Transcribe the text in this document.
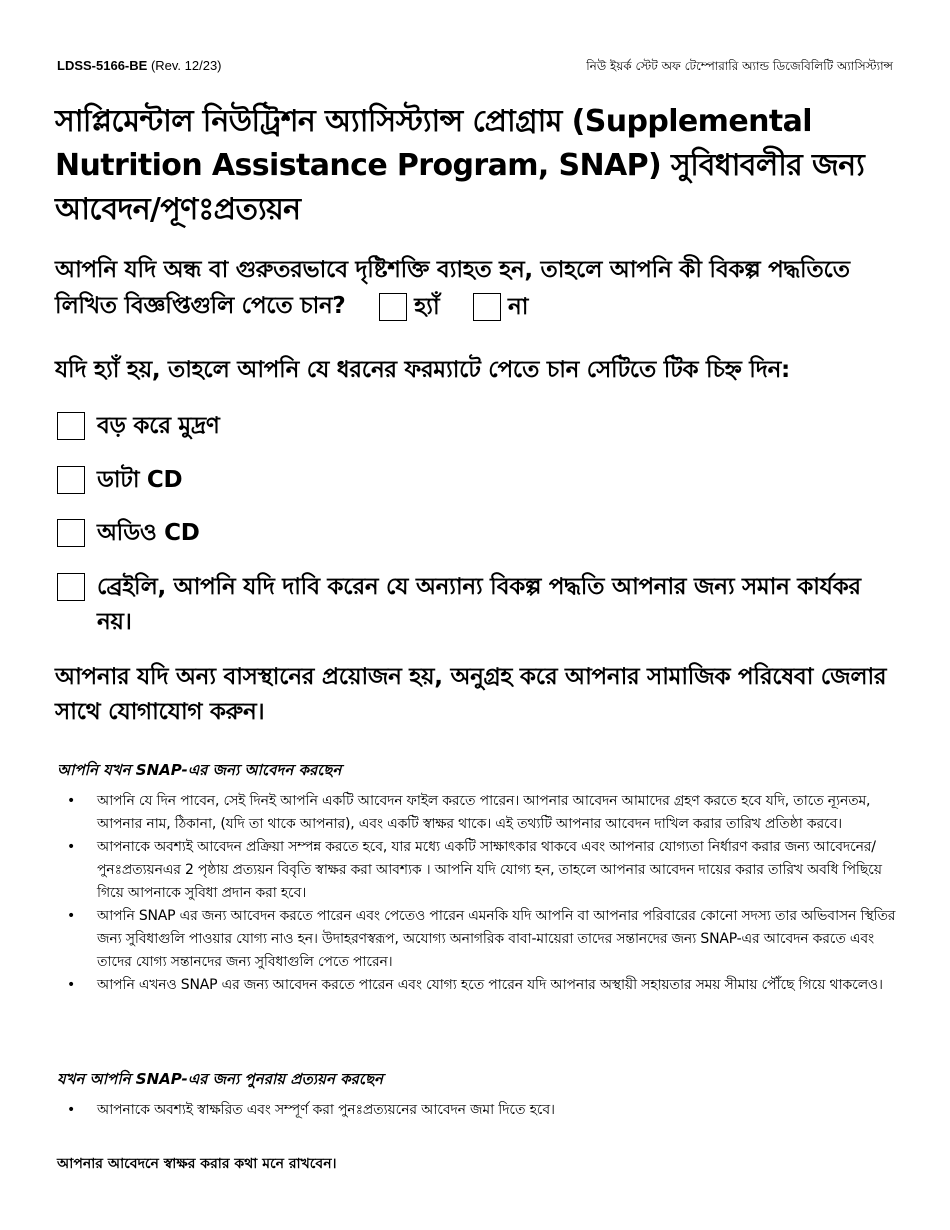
LDSS-5166-BE (Rev. 12/23)	নিউ ইয়র্ক স্টেট অফ টেম্পোরারি অ্যান্ড ডিজেবিলিটি অ্যাসিস্ট্যান্স
সাপ্লিমেন্টাল নিউট্রিশন অ্যাসিস্ট্যান্স প্রোগ্রাম (Supplemental Nutrition Assistance Program, SNAP) সুবিধাবলীর জন্য আবেদন/পূণঃপ্রত্যয়ন
আপনি যদি অন্ধ বা গুরুতরভাবে দৃষ্টিশক্তি ব্যাহত হন, তাহলে আপনি কী বিকল্প পদ্ধতিতে লিখিত বিজ্ঞপ্তিগুলি পেতে চান?	হ্যাঁ
	না
যদি হ্যাঁ হয়, তাহলে আপনি যে ধরনের ফরম্যাটে পেতে চান সেটিতে টিক চিহ্ন দিন:
বড় করে মুদ্রণ
ডাটা CD
অডিও CD
ব্রেইলি, আপনি যদি দাবি করেন যে অন্যান্য বিকল্প পদ্ধতি আপনার জন্য সমান কার্যকর নয়।
আপনার যদি অন্য বাসস্থানের প্রয়োজন হয়, অনুগ্রহ করে আপনার সামাজিক পরিষেবা জেলার সাথে যোগাযোগ করুন।
আপনি যখন SNAP-এর জন্য আবেদন করছেন
• আপনি যে দিন পাবেন, সেই দিনই আপনি একটি আবেদন ফাইল করতে পারেন। আপনার আবেদন আমাদের গ্রহণ করতে হবে যদি, তাতে ন্যূনতম, আপনার নাম, ঠিকানা, (যদি তা থাকে আপনার), এবং একটি স্বাক্ষর থাকে। এই তথ্যটি আপনার আবেদন দাখিল করার তারিখ প্রতিষ্ঠা করবে।
• আপনাকে অবশ্যই আবেদন প্রক্রিয়া সম্পন্ন করতে হবে, যার মধ্যে একটি সাক্ষাৎকার থাকবে এবং আপনার যোগ্যতা নির্ধারণ করার জন্য আবেদনের/পুনঃপ্রত্যয়নএর 2 পৃষ্ঠায় প্রত্যয়ন বিবৃতি স্বাক্ষর করা আবশ্যক । আপনি যদি যোগ্য হন, তাহলে আপনার আবেদন দায়ের করার তারিখ অবধি পিছিয়ে গিয়ে আপনাকে সুবিধা প্রদান করা হবে।
• আপনি SNAP এর জন্য আবেদন করতে পারেন এবং পেতেও পারেন এমনকি যদি আপনি বা আপনার পরিবারের কোনো সদস্য তার অভিবাসন স্থিতির জন্য সুবিধাগুলি পাওয়ার যোগ্য নাও হন। উদাহরণস্বরূপ, অযোগ্য অনাগরিক বাবা-মায়েরা তাদের সন্তানদের জন্য SNAP-এর আবেদন করতে এবং তাদের যোগ্য সন্তানদের জন্য সুবিধাগুলি পেতে পারেন।
• আপনি এখনও SNAP এর জন্য আবেদন করতে পারেন এবং যোগ্য হতে পারেন যদি আপনার অস্থায়ী সহায়তার সময় সীমায় পৌঁছে গিয়ে থাকলেও।
যখন আপনি SNAP-এর জন্য পুনরায় প্রত্যয়ন করছেন
• আপনাকে অবশ্যই স্বাক্ষরিত এবং সম্পূর্ণ করা পুনঃপ্রত্যয়নের আবেদন জমা দিতে হবে।
আপনার আবেদনে স্বাক্ষর করার কথা মনে রাখবেন।
